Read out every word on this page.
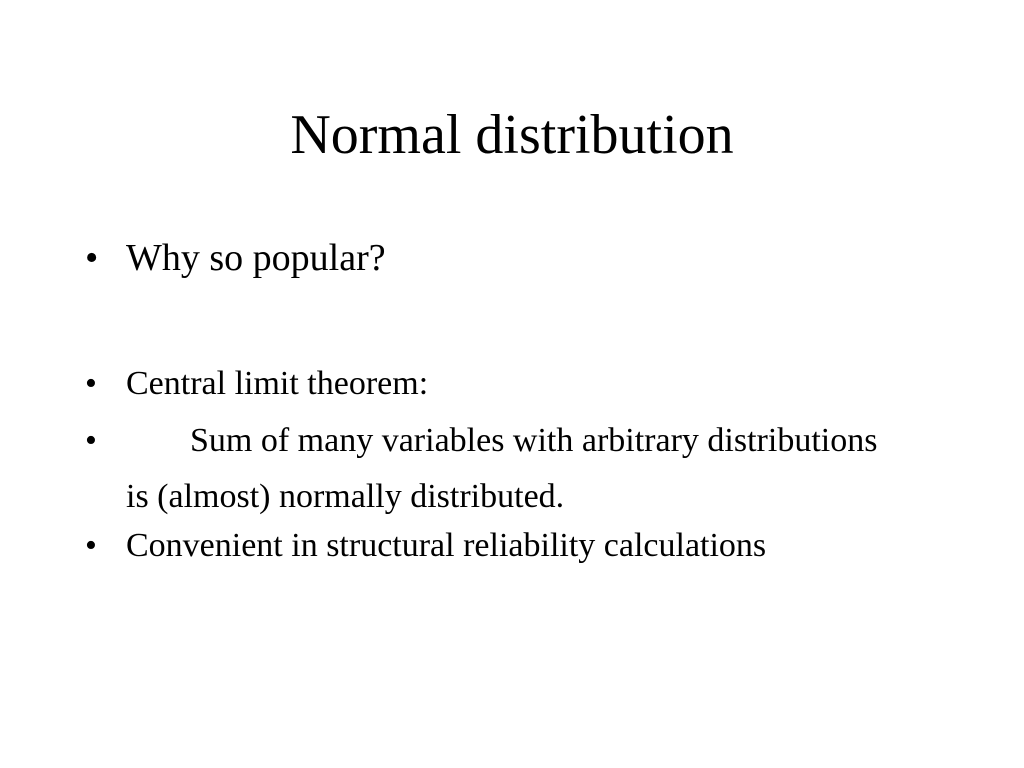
Normal distribution
• Why so popular?
• Central limit theorem:
•	Sum of many variables with arbitrary distributions is (almost) normally distributed.
• Convenient in structural reliability calculations
